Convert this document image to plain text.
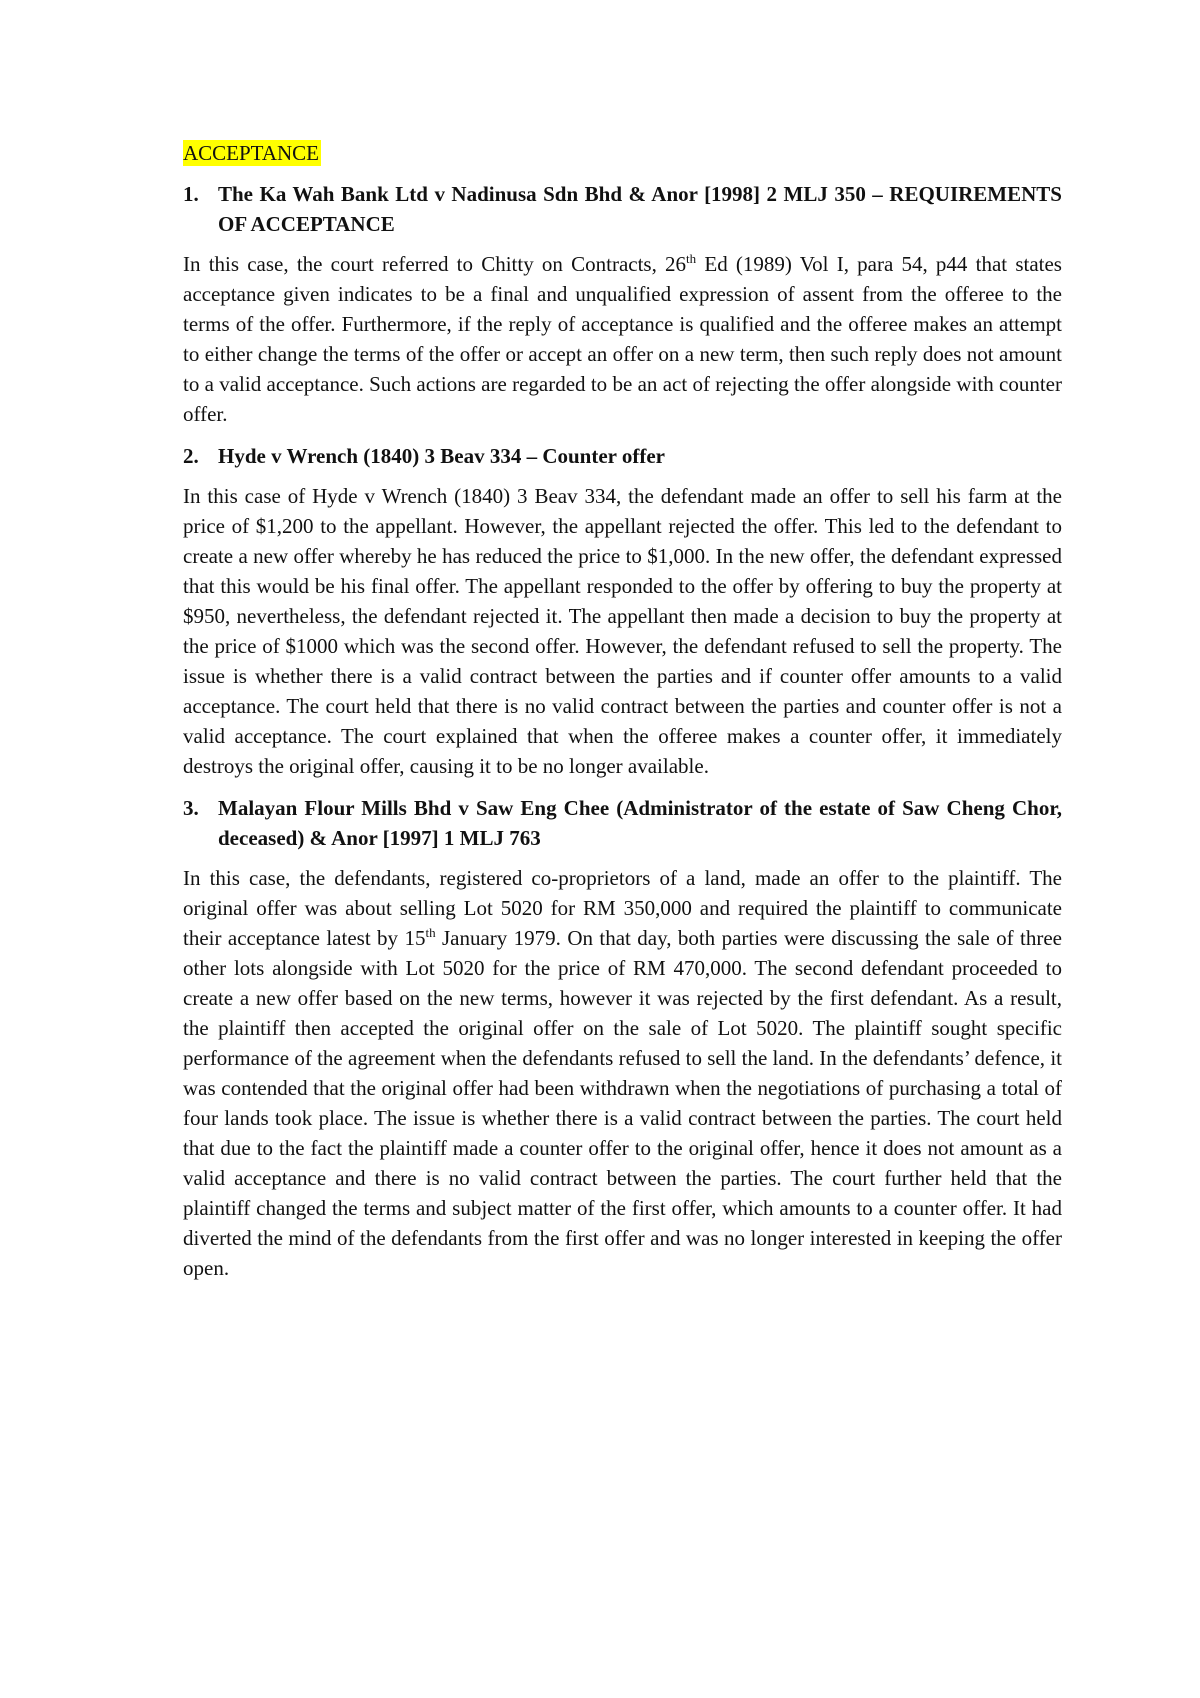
ACCEPTANCE
1. The Ka Wah Bank Ltd v Nadinusa Sdn Bhd & Anor [1998] 2 MLJ 350 – REQUIREMENTS OF ACCEPTANCE

In this case, the court referred to Chitty on Contracts, 26th Ed (1989) Vol I, para 54, p44 that states acceptance given indicates to be a final and unqualified expression of assent from the offeree to the terms of the offer. Furthermore, if the reply of acceptance is qualified and the offeree makes an attempt to either change the terms of the offer or accept an offer on a new term, then such reply does not amount to a valid acceptance. Such actions are regarded to be an act of rejecting the offer alongside with counter offer.

2. Hyde v Wrench (1840) 3 Beav 334 – Counter offer

In this case of Hyde v Wrench (1840) 3 Beav 334, the defendant made an offer to sell his farm at the price of $1,200 to the appellant. However, the appellant rejected the offer. This led to the defendant to create a new offer whereby he has reduced the price to $1,000. In the new offer, the defendant expressed that this would be his final offer. The appellant responded to the offer by offering to buy the property at $950, nevertheless, the defendant rejected it. The appellant then made a decision to buy the property at the price of $1000 which was the second offer. However, the defendant refused to sell the property. The issue is whether there is a valid contract between the parties and if counter offer amounts to a valid acceptance. The court held that there is no valid contract between the parties and counter offer is not a valid acceptance. The court explained that when the offeree makes a counter offer, it immediately destroys the original offer, causing it to be no longer available.

3. Malayan Flour Mills Bhd v Saw Eng Chee (Administrator of the estate of Saw Cheng Chor, deceased) & Anor [1997] 1 MLJ 763

In this case, the defendants, registered co-proprietors of a land, made an offer to the plaintiff. The original offer was about selling Lot 5020 for RM 350,000 and required the plaintiff to communicate their acceptance latest by 15th January 1979. On that day, both parties were discussing the sale of three other lots alongside with Lot 5020 for the price of RM 470,000. The second defendant proceeded to create a new offer based on the new terms, however it was rejected by the first defendant. As a result, the plaintiff then accepted the original offer on the sale of Lot 5020. The plaintiff sought specific performance of the agreement when the defendants refused to sell the land. In the defendants’ defence, it was contended that the original offer had been withdrawn when the negotiations of purchasing a total of four lands took place. The issue is whether there is a valid contract between the parties. The court held that due to the fact the plaintiff made a counter offer to the original offer, hence it does not amount as a valid acceptance and there is no valid contract between the parties. The court further held that the plaintiff changed the terms and subject matter of the first offer, which amounts to a counter offer. It had diverted the mind of the defendants from the first offer and was no longer interested in keeping the offer open.
